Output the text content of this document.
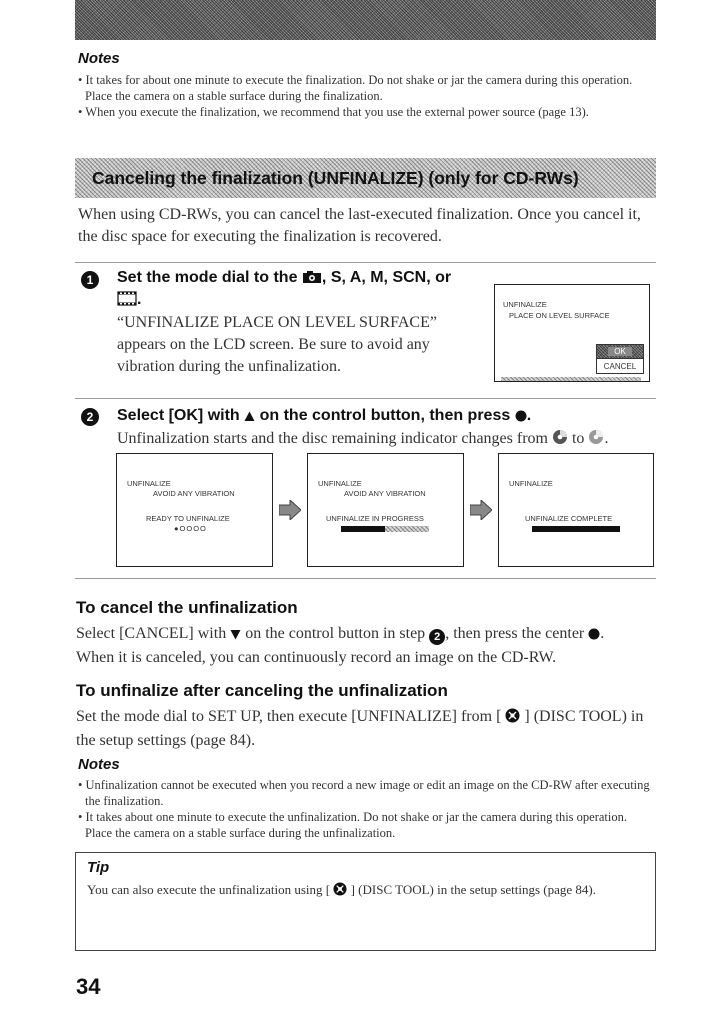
Notes
• It takes for about one minute to execute the finalization. Do not shake or jar the camera during this operation. Place the camera on a stable surface during the finalization.
• When you execute the finalization, we recommend that you use the external power source (page 13).
Canceling the finalization (UNFINALIZE) (only for CD-RWs)
When using CD-RWs, you can cancel the last-executed finalization. Once you cancel it, the disc space for executing the finalization is recovered.
1	Set the mode dial to the , S, A, M, SCN, or
.
“UNFINALIZE PLACE ON LEVEL SURFACE” appears on the LCD screen. Be sure to avoid any vibration during the unfinalization.
UNFINALIZE
PLACE ON LEVEL SURFACE
OK
CANCEL
2	Select [OK] with on the control button, then press .
Unfinalization starts and the disc remaining indicator changes from to .
UNFINALIZE
AVOID ANY VIBRATION
READY TO UNFINALIZE
●OOOO
UNFINALIZE
AVOID ANY VIBRATION
UNFINALIZE IN PROGRESS
UNFINALIZE
UNFINALIZE COMPLETE
To cancel the unfinalization
Select [CANCEL] with on the control button in step 2 , then press the center .
When it is canceled, you can continuously record an image on the CD-RW.
To unfinalize after canceling the unfinalization
Set the mode dial to SET UP, then execute [UNFINALIZE] from [ ] (DISC TOOL) in the setup settings (page 84).
Notes
• Unfinalization cannot be executed when you record a new image or edit an image on the CD-RW after executing the finalization.
• It takes about one minute to execute the unfinalization. Do not shake or jar the camera during this operation. Place the camera on a stable surface during the unfinalization.
Tip
You can also execute the unfinalization using [ ] (DISC TOOL) in the setup settings (page 84).
34
